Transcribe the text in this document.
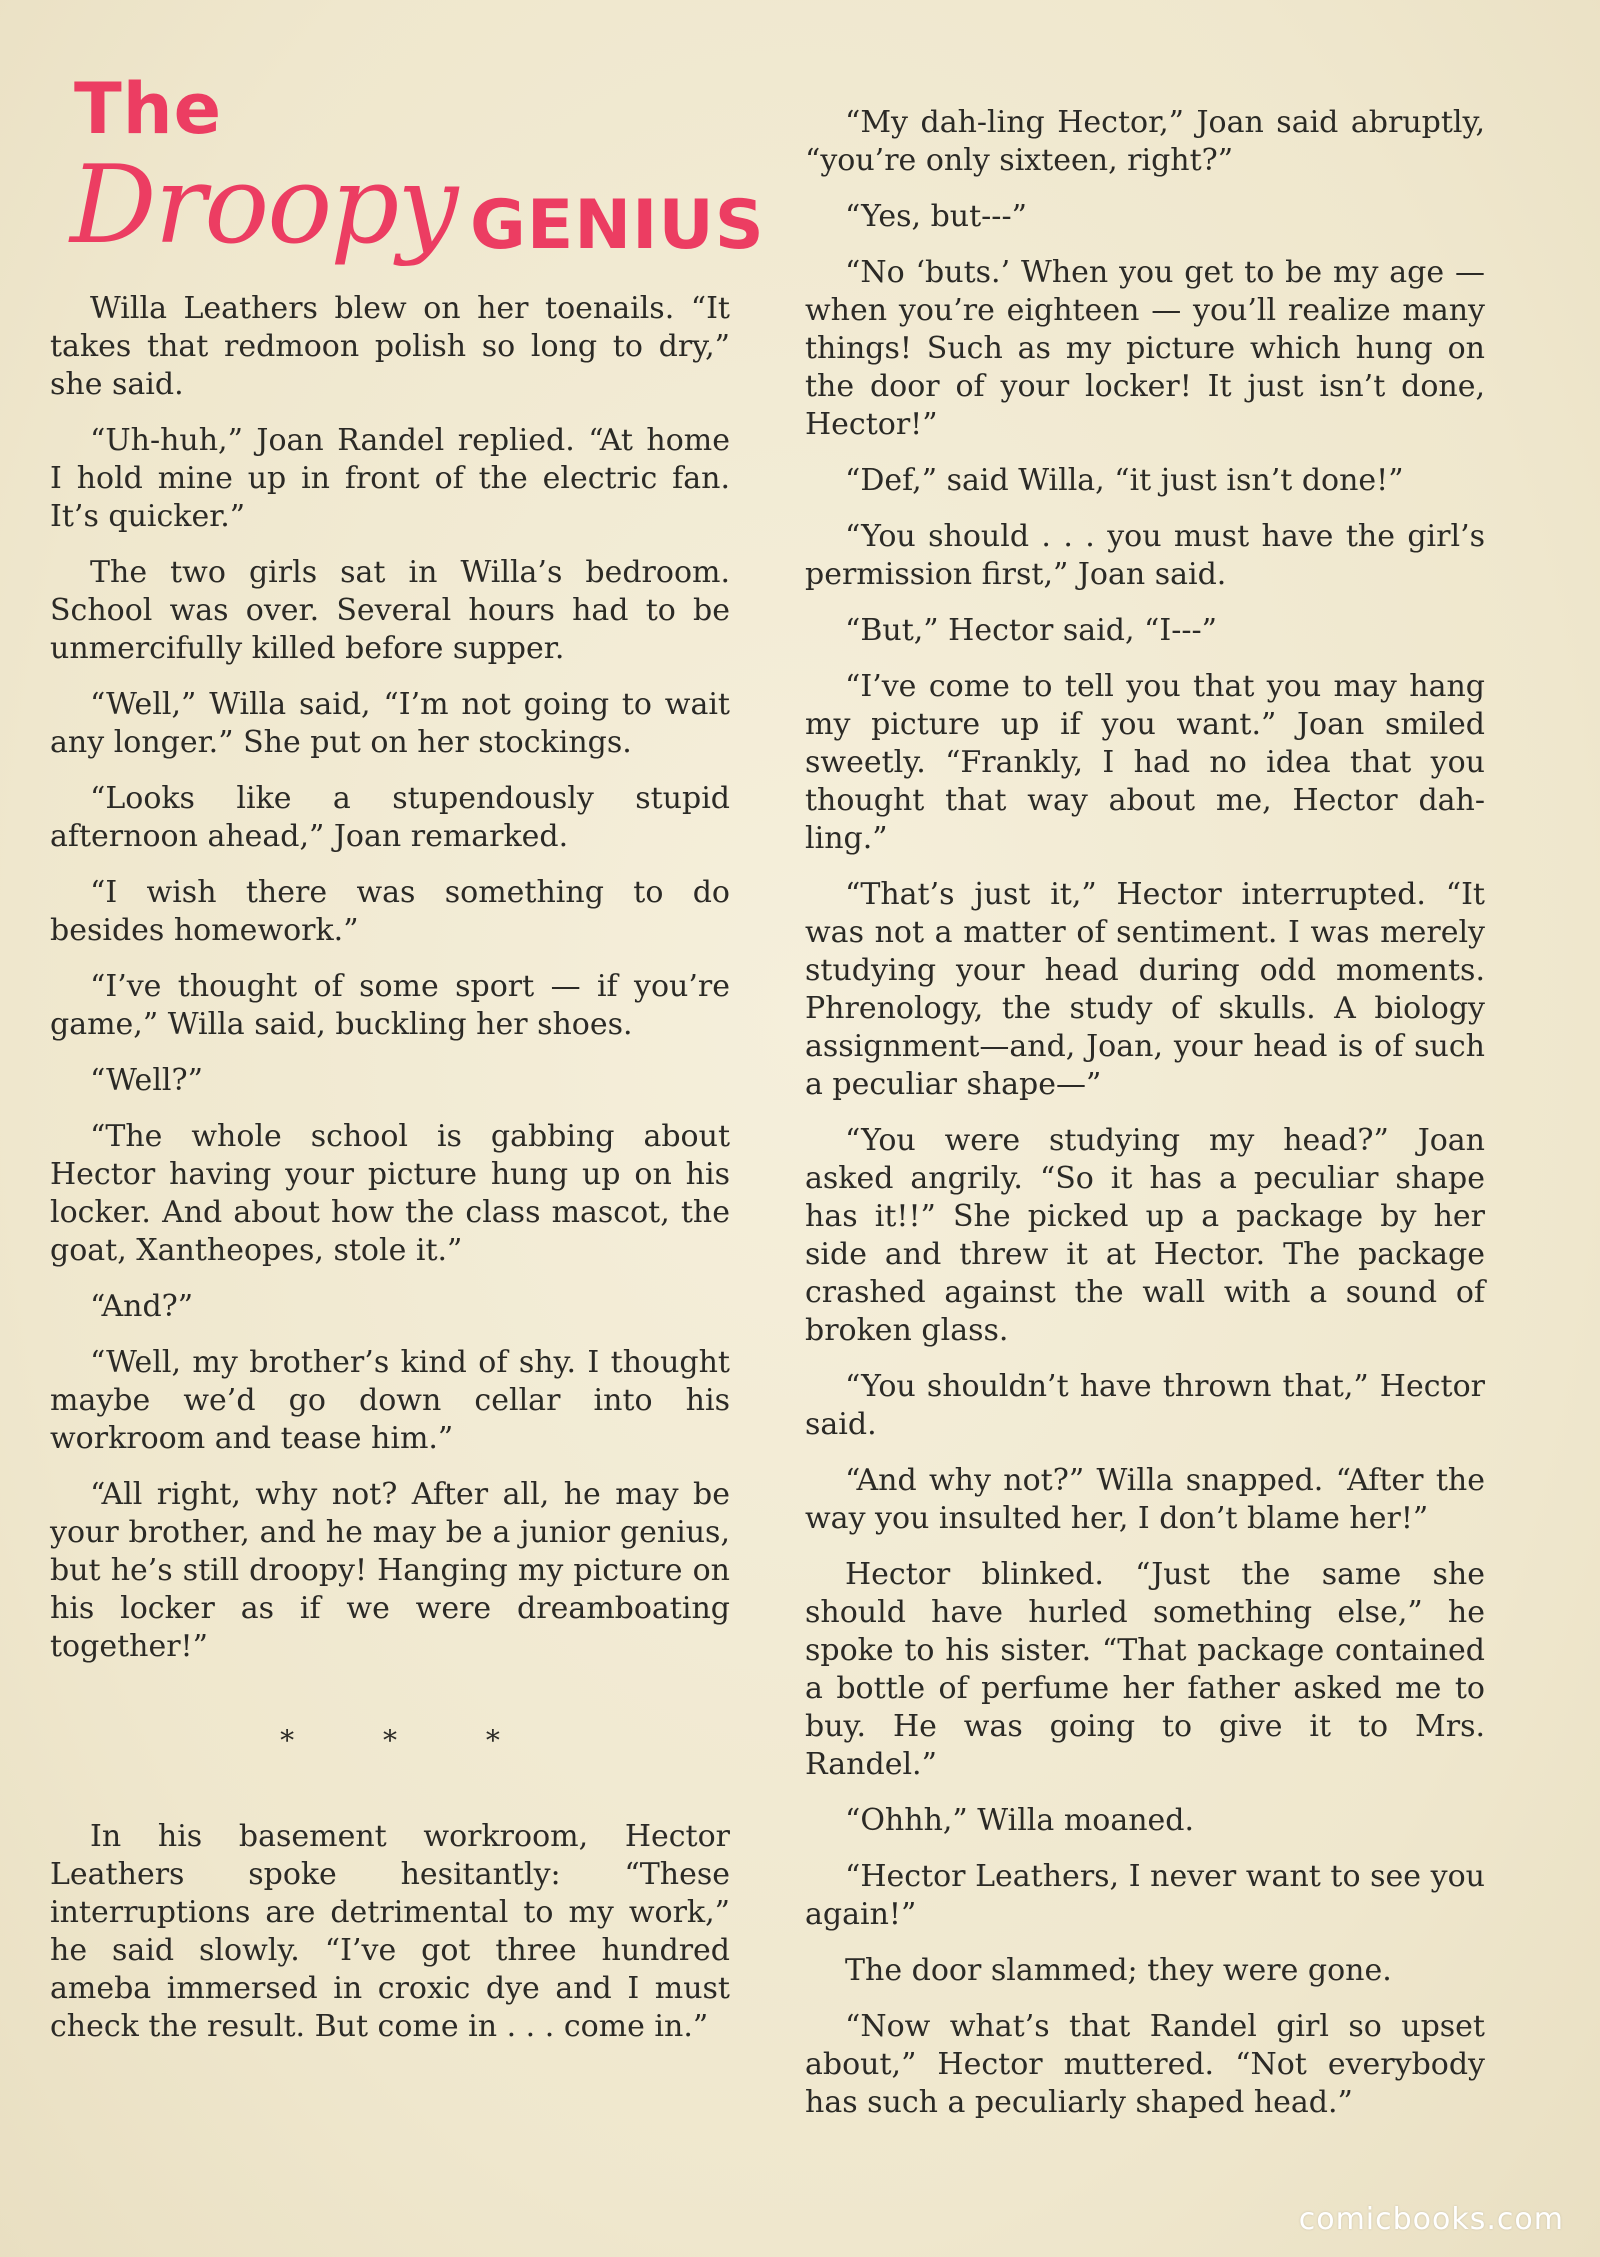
The
Droopy GENIUS

Willa Leathers blew on her toenails. “It takes that redmoon polish so long to dry,” she said.

“Uh-huh,” Joan Randel replied. “At home I hold mine up in front of the electric fan. It’s quicker.”

The two girls sat in Willa’s bedroom. School was over. Several hours had to be unmercifully killed before supper.

“Well,” Willa said, “I’m not going to wait any longer.” She put on her stockings.

“Looks like a stupendously stupid afternoon ahead,” Joan remarked.

“I wish there was something to do besides homework.”

“I’ve thought of some sport — if you’re game,” Willa said, buckling her shoes.

“Well?”

“The whole school is gabbing about Hector having your picture hung up on his locker. And about how the class mascot, the goat, Xantheopes, stole it.”

“And?”

“Well, my brother’s kind of shy. I thought maybe we’d go down cellar into his workroom and tease him.”

“All right, why not? After all, he may be your brother, and he may be a junior genius, but he’s still droopy! Hanging my picture on his locker as if we were dreamboating together!”

* * *

In his basement workroom, Hector Leathers spoke hesitantly: “These interruptions are detrimental to my work,” he said slowly. “I’ve got three hundred ameba immersed in croxic dye and I must check the result. But come in . . . come in.”

“My dah-ling Hector,” Joan said abruptly, “you’re only sixteen, right?”

“Yes, but---”

“No ‘buts.’ When you get to be my age — when you’re eighteen — you’ll realize many things! Such as my picture which hung on the door of your locker! It just isn’t done, Hector!”

“Def,” said Willa, “it just isn’t done!”

“You should . . . you must have the girl’s permission first,” Joan said.

“But,” Hector said, “I---”

“I’ve come to tell you that you may hang my picture up if you want.” Joan smiled sweetly. “Frankly, I had no idea that you thought that way about me, Hector dah-ling.”

“That’s just it,” Hector interrupted. “It was not a matter of sentiment. I was merely studying your head during odd moments. Phrenology, the study of skulls. A biology assignment—and, Joan, your head is of such a peculiar shape—”

“You were studying my head?” Joan asked angrily. “So it has a peculiar shape has it!!” She picked up a package by her side and threw it at Hector. The package crashed against the wall with a sound of broken glass.

“You shouldn’t have thrown that,” Hector said.

“And why not?” Willa snapped. “After the way you insulted her, I don’t blame her!”

Hector blinked. “Just the same she should have hurled something else,” he spoke to his sister. “That package contained a bottle of perfume her father asked me to buy. He was going to give it to Mrs. Randel.”

“Ohhh,” Willa moaned.

“Hector Leathers, I never want to see you again!”

The door slammed; they were gone.

“Now what’s that Randel girl so upset about,” Hector muttered. “Not everybody has such a peculiarly shaped head.”

comicbooks.com
